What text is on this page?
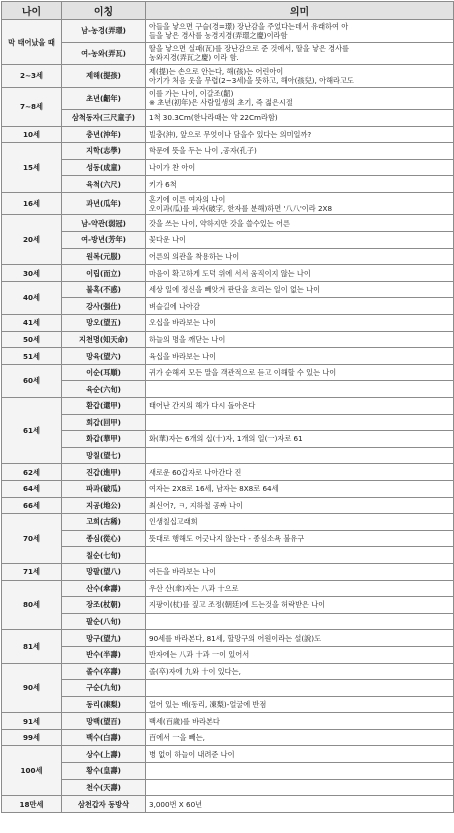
나이	이칭	의미
막 태어났을 때	남-농경(弄璟)	아들을 낳으면 구슬(경=璟) 장난감을 주었다는데서 유래하여 아
들을 낳은 경사를 농경지경(弄璟之慶)이라함

	여-농와(弄瓦)	딸을 낳으면 실패(瓦)를 장난감으로 준 것에서, 딸을 낳은 경사를
농와지경(弄瓦之慶) 이라 함.

2~3세	제해(提孩)	제(提)는 손으로 안는다, 해(孩)는 어린아이
아기가 처음 웃을 무렵(2~3세)을 뜻하고, 해아(孩兒), 아해라고도

7~8세	초년(齠年)	이를 가는 나이, 이갈조(齠)
※ 초년(初年)은 사람일생의 초기, 즉 젊은시절

	삼척동자(三尺童子)	1척 30.3Cm(한나라때는 약 22Cm라함)

10세	충년(沖年)	빌충(沖), 앞으로 무엇이나 담을수 있다는 의미일까?

15세	지학(志學)	학문에 뜻을 두는 나이 ,공자(孔子)

	성동(成童)	나이가 찬 아이

	육척(六尺)	키가 6척

16세	과년(瓜年)	혼기에 이른 여자의 나이
오이과(瓜)를 파자(破字, 한자를 분해)하면 '八八'이라 2X8

20세	남-약관(弱冠)	갓을 쓰는 나이, 약하지만 갓을 쓸수있는 어른

	여-방년(芳年)	꽃다운 나이

	원복(元服)	어른의 의관을 착용하는 나이

30세	이립(而立)	마음이 확고하게 도덕 위에 서서 움직이지 않는 나이

40세	불혹(不惑)	세상 일에 정신을 빼앗겨 판단을 흐리는 일이 없는 나이

	강사(强仕)	벼슬길에 나아감

41세	망오(望五)	오십을 바라보는 나이

50세	지천명(知天命)	하늘의 명을 깨닫는 나이

51세	망육(望六)	육십을 바라보는 나이

60세	이순(耳順)	귀가 순해져 모든 말을 객관적으로 듣고 이해할 수 있는 나이

	육순(六旬)	

61세	환갑(還甲)	태어난 간지의 해가 다시 돌아온다

	회갑(回甲)	

	화갑(華甲)	화(華)자는 6개의 십(十)자, 1개의 일(一)자로 61

	망칠(望七)	

62세	진갑(進甲)	새로운 60갑자로 나아간다 진

64세	파과(破瓜)	여자는 2X8로 16세, 남자는 8X8로 64세

66세	지공(地公)	최신어?, ㅋ, 지하철 공짜 나이

70세	고희(古稀)	인생칠십고래희

	종심(從心)	뜻대로 행해도 어긋나지 않는다 - 종심소욕 불유구

	칠순(七旬)	

71세	망팔(望八)	여든을 바라보는 나이

80세	산수(傘壽)	우산 산(傘)자는 八과 十으로

	장조(杖朝)	지팡이(杖)를 짚고 조정(朝廷)에 드는것을 허락받은 나이

	팔순(八旬)	

81세	망구(望九)	90세를 바라본다, 81세, 할망구의 어원이라는 설(說)도

	반수(半壽)	반자에는 八과 十과 一이 있어서

90세	졸수(卒壽)	졸(卒)자에 九와 十이 있다는,

	구순(九旬)	

	동리(凍梨)	얼어 있는 배(동리, 凍梨)-얼굴에 반점

91세	망백(望百)	백세(百歲)를 바라본다

99세	백수(白壽)	百에서 一을 빼는,

100세	상수(上壽)	병 없이 하늘이 내려준 나이

	황수(皇壽)	

	천수(天壽)	

18만세	삼천갑자 동방삭	3,000번 X 60년
